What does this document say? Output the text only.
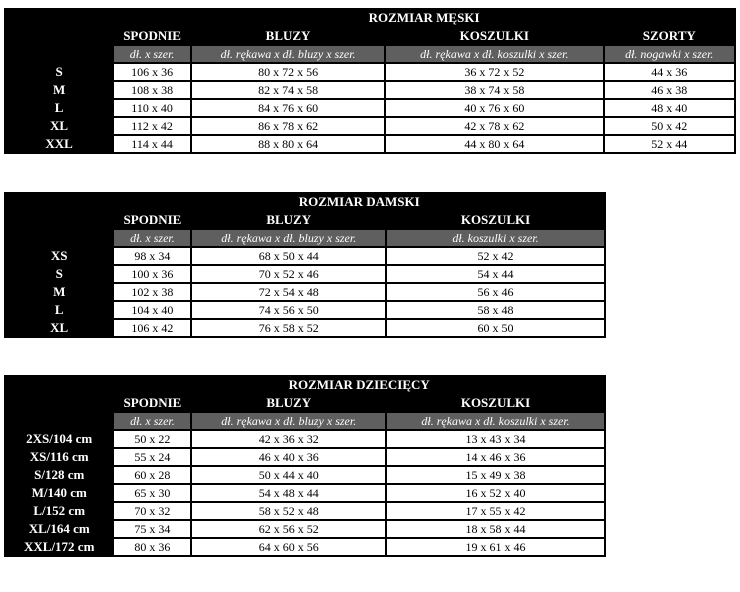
	ROZMIAR MĘSKI			
	SPODNIE	BLUZY	KOSZULKI	SZORTY
	dł. x szer.	dł. rękawa x dł. bluzy x szer.	dł. rękawa x dł. koszulki x szer.	dł. nogawki x szer.
S	106 x 36	80 x 72 x 56	36 x 72 x 52	44 x 36
M	108 x 38	82 x 74 x 58	38 x 74 x 58	46 x 38
L	110 x 40	84 x 76 x 60	40 x 76 x 60	48 x 40
XL	112 x 42	86 x 78 x 62	42 x 78 x 62	50 x 42
XXL	114 x 44	88 x 80 x 64	44 x 80 x 64	52 x 44
	ROZMIAR DAMSKI		
	SPODNIE	BLUZY	KOSZULKI
	dł. x szer.	dł. rękawa x dł. bluzy x szer.	dł. koszulki x szer.
XS	98 x 34	68 x 50 x 44	52 x 42
S	100 x 36	70 x 52 x 46	54 x 44
M	102 x 38	72 x 54 x 48	56 x 46
L	104 x 40	74 x 56 x 50	58 x 48
XL	106 x 42	76 x 58 x 52	60 x 50
	ROZMIAR DZIECIĘCY		
	SPODNIE	BLUZY	KOSZULKI
	dł. x szer.	dł. rękawa x dł. bluzy x szer.	dł. rękawa x dł. koszulki x szer.
2XS/104 cm	50 x 22	42 x 36 x 32	13 x 43 x 34
XS/116 cm	55 x 24	46 x 40 x 36	14 x 46 x 36
S/128 cm	60 x 28	50 x 44 x 40	15 x 49 x 38
M/140 cm	65 x 30	54 x 48 x 44	16 x 52 x 40
L/152 cm	70 x 32	58 x 52 x 48	17 x 55 x 42
XL/164 cm	75 x 34	62 x 56 x 52	18 x 58 x 44
XXL/172 cm	80 x 36	64 x 60 x 56	19 x 61 x 46
